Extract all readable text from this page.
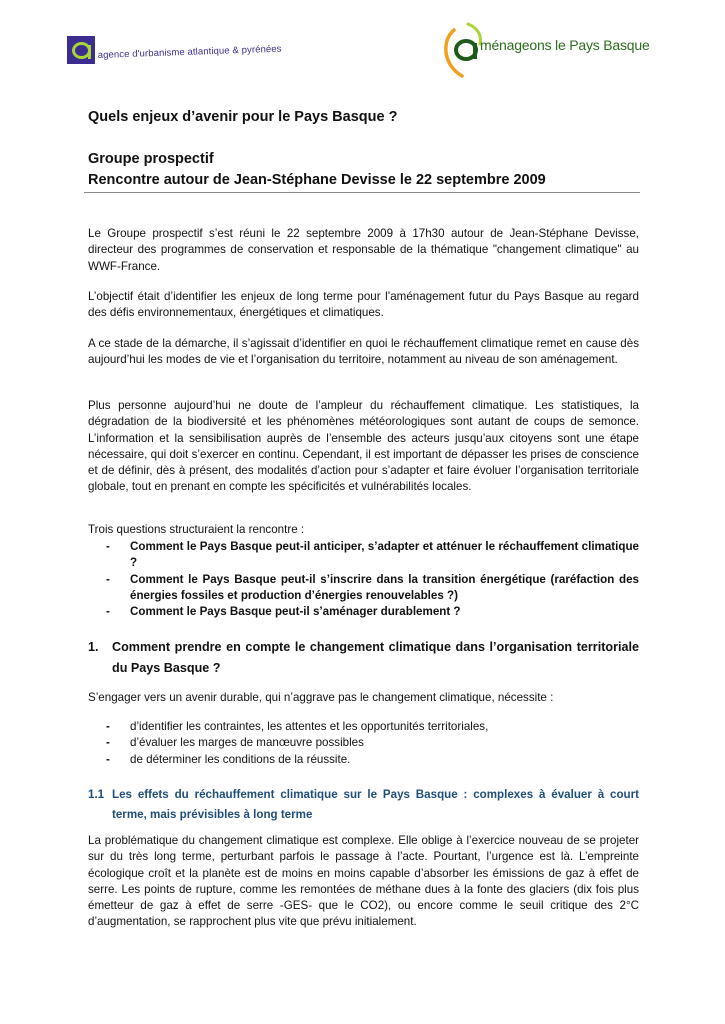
agence d'urbanisme atlantique & pyrénées	ménageons le Pays Basque
Quels enjeux d’avenir pour le Pays Basque ?
Groupe prospectif
Rencontre autour de Jean-Stéphane Devisse le 22 septembre 2009

Le Groupe prospectif s’est réuni le 22 septembre 2009 à 17h30 autour de Jean-Stéphane Devisse, directeur des programmes de conservation et responsable de la thématique "changement climatique" au WWF-France.

L’objectif était d’identifier les enjeux de long terme pour l’aménagement futur du Pays Basque au regard des défis environnementaux, énergétiques et climatiques.

A ce stade de la démarche, il s’agissait d’identifier en quoi le réchauffement climatique remet en cause dès aujourd’hui les modes de vie et l’organisation du territoire, notamment au niveau de son aménagement.

Plus personne aujourd’hui ne doute de l’ampleur du réchauffement climatique. Les statistiques, la dégradation de la biodiversité et les phénomènes météorologiques sont autant de coups de semonce. L’information et la sensibilisation auprès de l’ensemble des acteurs jusqu’aux citoyens sont une étape nécessaire, qui doit s’exercer en continu. Cependant, il est important de dépasser les prises de conscience et de définir, dès à présent, des modalités d’action pour s’adapter et faire évoluer l’organisation territoriale globale, tout en prenant en compte les spécificités et vulnérabilités locales.

Trois questions structuraient la rencontre :

- Comment le Pays Basque peut-il anticiper, s’adapter et atténuer le réchauffement climatique ?
- Comment le Pays Basque peut-il s’inscrire dans la transition énergétique (raréfaction des énergies fossiles et production d’énergies renouvelables ?)
- Comment le Pays Basque peut-il s’aménager durablement ?
1.	Comment prendre en compte le changement climatique dans l’organisation territoriale du Pays Basque ?

S’engager vers un avenir durable, qui n’aggrave pas le changement climatique, nécessite :

- d’identifier les contraintes, les attentes et les opportunités territoriales,
- d’évaluer les marges de manœuvre possibles
- de déterminer les conditions de la réussite.
1.1 Les effets du réchauffement climatique sur le Pays Basque : complexes à évaluer à court terme, mais prévisibles à long terme

La problématique du changement climatique est complexe. Elle oblige à l’exercice nouveau de se projeter sur du très long terme, perturbant parfois le passage à l’acte. Pourtant, l’urgence est là. L’empreinte écologique croît et la planète est de moins en moins capable d’absorber les émissions de gaz à effet de serre. Les points de rupture, comme les remontées de méthane dues à la fonte des glaciers (dix fois plus émetteur de gaz à effet de serre -GES- que le CO2), ou encore comme le seuil critique des 2°C d’augmentation, se rapprochent plus vite que prévu initialement.
